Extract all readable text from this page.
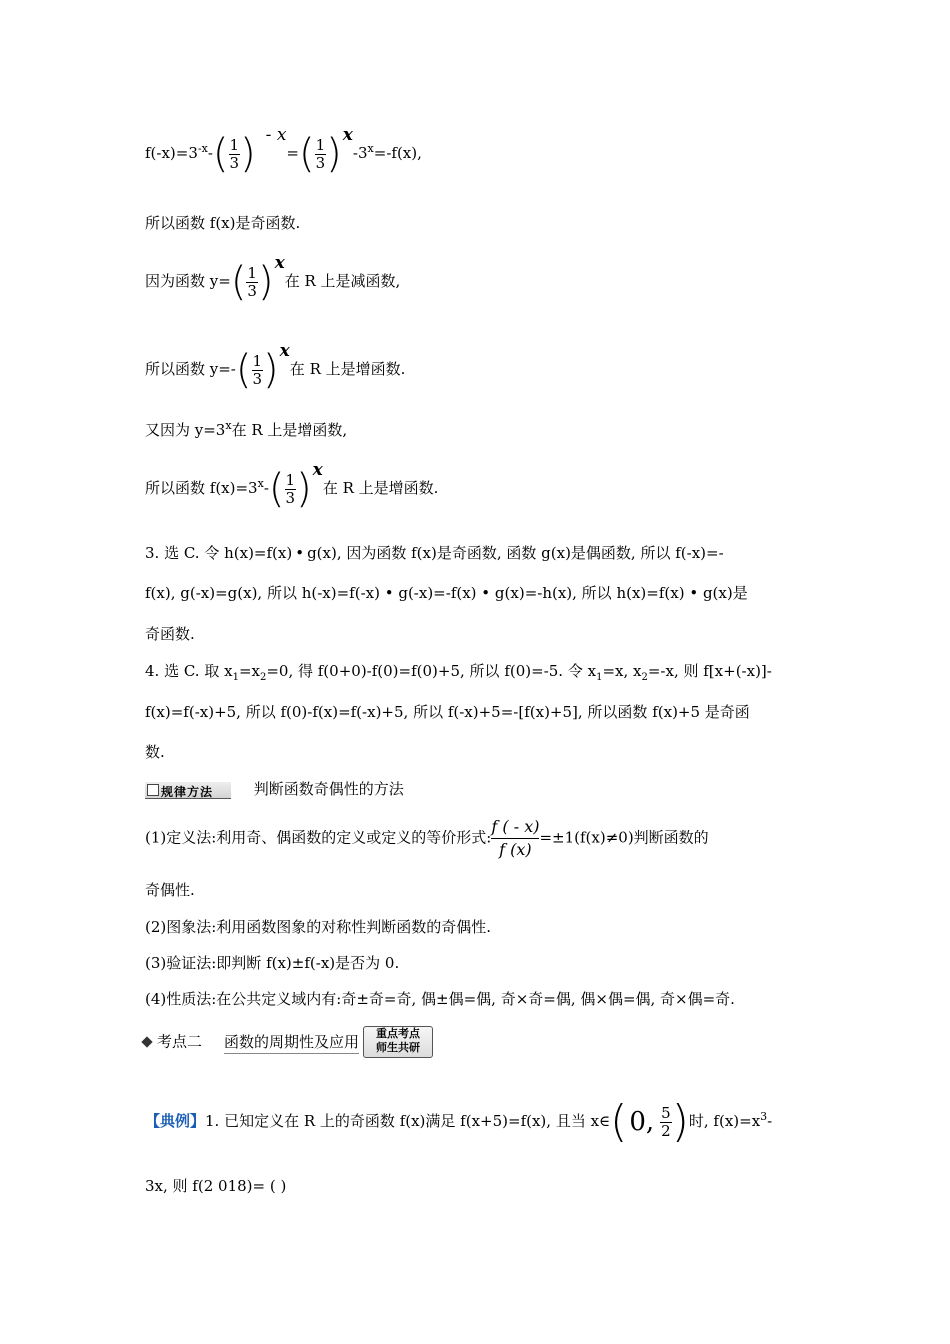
$f(-x)=3^{-x}-$ ( $\frac{1}{3}$ ) - x= ( $\frac{1}{3}$ ) $x-3^x=-f(x)$,
所以函数 f(x)是奇函数.
因为函数 y= ( $\frac{1}{3}$ ) x在 R 上是减函数,
所以函数 y=- ( $\frac{1}{3}$ ) x在 R 上是增函数.
又因为 $y=3^x$在 R 上是增函数,
所以函数 $f(x)=3^x-$ ( $\frac{1}{3}$ ) x在 R 上是增函数.
3. 选 C. 令 h(x)=f(x) • g(x), 因为函数 f(x)是奇函数, 函数 g(x)是偶函数, 所以 f(-x)=-
f(x), g(-x)=g(x), 所以 h(-x)=f(-x) • g(-x)=-f(x) • g(x)=-h(x), 所以 h(x)=f(x) • g(x)是
奇函数.
4. 选 C. 取 $x_1=x_2=0$, 得 f(0+0)-f(0)=f(0)+5, 所以 f(0)=-5. 令 $x_1=x$, $x_2=-x$, 则 f[x+(-x)]-
f(x)=f(-x)+5, 所以 f(0)-f(x)=f(-x)+5, 所以 f(-x)+5=-[f(x)+5], 所以函数 f(x)+5 是奇函
数.
规律方法	判断函数奇偶性的方法
(1)定义法:利用奇、偶函数的定义或定义的等价形式: $\frac{f ( - x)}{f (x)} =\pm 1(f(x)\ne 0)$判断函数的
奇偶性.
(2)图象法:利用函数图象的对称性判断函数的奇偶性.
(3)验证法:即判断 f(x)±f(-x)是否为 0.
(4)性质法:在公共定义域内有:奇±奇=奇, 偶±偶=偶, 奇×奇=偶, 偶×偶=偶, 奇×偶=奇.
考点二 函数的周期性及应用	重点考点
师生共研
【典例】1. 已知定义在 R 上的奇函数 f(x)满足 f(x+5)=f(x), 且当 x∈ ( 0, $\frac{5}{2}$ ) 时, $f(x)=x^3-$
3x, 则 f(2 018)= ( )
